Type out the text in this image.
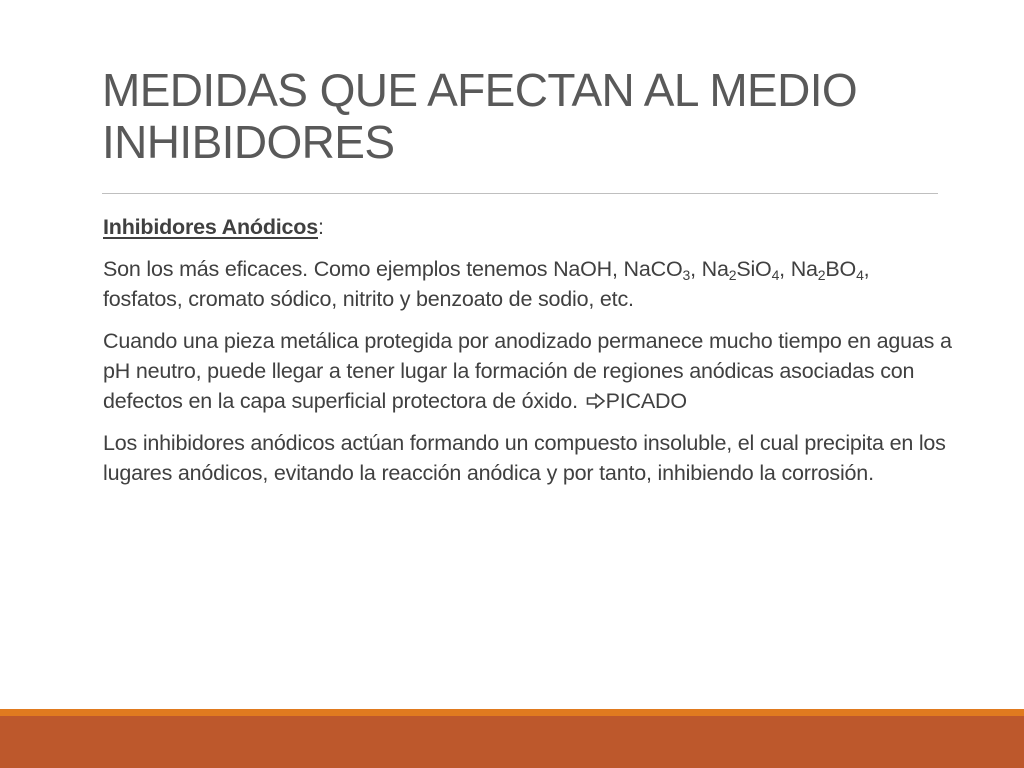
MEDIDAS QUE AFECTAN AL MEDIO
INHIBIDORES

Inhibidores Anódicos:

Son los más eficaces. Como ejemplos tenemos NaOH, NaCO$_3$, $Na_2SiO_4$, $Na_2BO_4$, fosfatos, cromato sódico, nitrito y benzoato de sodio, etc.

Cuando una pieza metálica protegida por anodizado permanece mucho tiempo en aguas a pH neutro, puede llegar a tener lugar la formación de regiones anódicas asociadas con defectos en la capa superficial protectora de óxido. PICADO

Los inhibidores anódicos actúan formando un compuesto insoluble, el cual precipita en los lugares anódicos, evitando la reacción anódica y por tanto, inhibiendo la corrosión.
